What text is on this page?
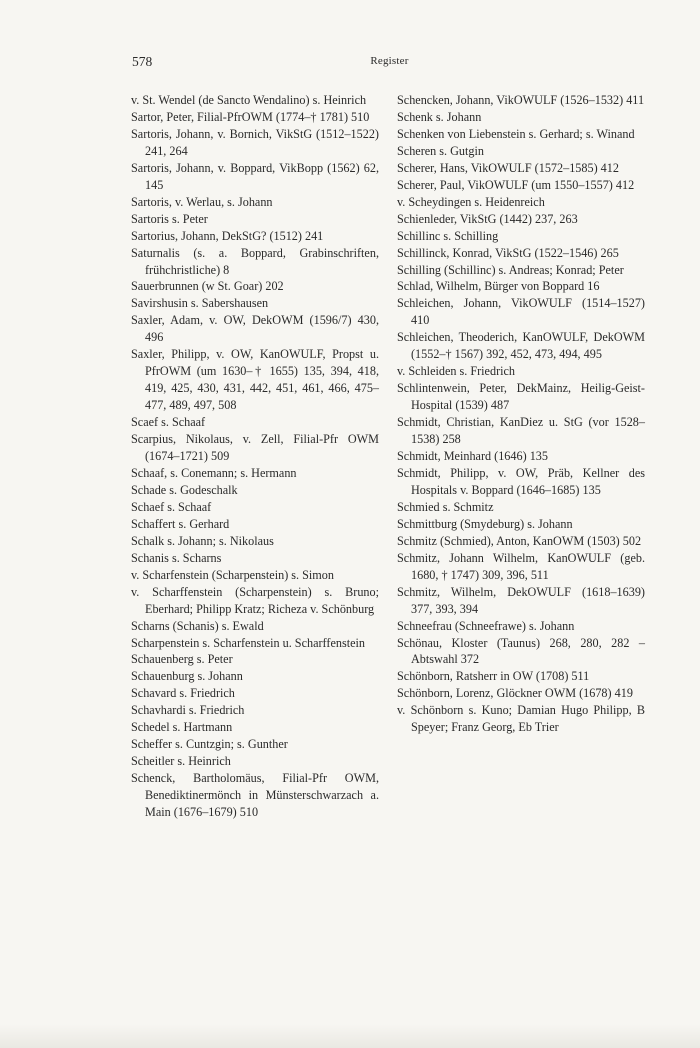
578	Register

v. St. Wendel (de Sancto Wendalino) s. Heinrich

Sartor, Peter, Filial-PfrOWM (1774–† 1781) 510

Sartoris, Johann, v. Bornich, VikStG (1512–1522) 241, 264

Sartoris, Johann, v. Boppard, VikBopp (1562) 62, 145

Sartoris, v. Werlau, s. Johann

Sartoris s. Peter

Sartorius, Johann, DekStG? (1512) 241

Saturnalis (s. a. Boppard, Grabinschriften, frühchristliche) 8

Sauerbrunnen (w St. Goar) 202

Savirshusin s. Sabershausen

Saxler, Adam, v. OW, DekOWM (1596/7) 430, 496

Saxler, Philipp, v. OW, KanOWULF, Propst u. PfrOWM (um 1630–† 1655) 135, 394, 418, 419, 425, 430, 431, 442, 451, 461, 466, 475–477, 489, 497, 508

Scaef s. Schaaf

Scarpius, Nikolaus, v. Zell, Filial-Pfr OWM (1674–1721) 509

Schaaf, s. Conemann; s. Hermann

Schade s. Godeschalk

Schaef s. Schaaf

Schaffert s. Gerhard

Schalk s. Johann; s. Nikolaus

Schanis s. Scharns

v. Scharfenstein (Scharpenstein) s. Simon

v. Scharffenstein (Scharpenstein) s. Bruno; Eberhard; Philipp Kratz; Richeza v. Schönburg

Scharns (Schanis) s. Ewald

Scharpenstein s. Scharfenstein u. Scharffenstein

Schauenberg s. Peter

Schauenburg s. Johann

Schavard s. Friedrich

Schavhardi s. Friedrich

Schedel s. Hartmann

Scheffer s. Cuntzgin; s. Gunther

Scheitler s. Heinrich

Schenck, Bartholomäus, Filial-Pfr OWM, Benediktinermönch in Münsterschwarzach a. Main (1676–1679) 510

Schencken, Johann, VikOWULF (1526–1532) 411

Schenk s. Johann

Schenken von Liebenstein s. Gerhard; s. Winand

Scheren s. Gutgin

Scherer, Hans, VikOWULF (1572–1585) 412

Scherer, Paul, VikOWULF (um 1550–1557) 412

v. Scheydingen s. Heidenreich

Schienleder, VikStG (1442) 237, 263

Schillinc s. Schilling

Schillinck, Konrad, VikStG (1522–1546) 265

Schilling (Schillinc) s. Andreas; Konrad; Peter

Schlad, Wilhelm, Bürger von Boppard 16

Schleichen, Johann, VikOWULF (1514–1527) 410

Schleichen, Theoderich, KanOWULF, DekOWM (1552–† 1567) 392, 452, 473, 494, 495

v. Schleiden s. Friedrich

Schlintenwein, Peter, DekMainz, Heilig-Geist-Hospital (1539) 487

Schmidt, Christian, KanDiez u. StG (vor 1528–1538) 258

Schmidt, Meinhard (1646) 135

Schmidt, Philipp, v. OW, Präb, Kellner des Hospitals v. Boppard (1646–1685) 135

Schmied s. Schmitz

Schmittburg (Smydeburg) s. Johann

Schmitz (Schmied), Anton, KanOWM (1503) 502

Schmitz, Johann Wilhelm, KanOWULF (geb. 1680, † 1747) 309, 396, 511

Schmitz, Wilhelm, DekOWULF (1618–1639) 377, 393, 394

Schneefrau (Schneefrawe) s. Johann

Schönau, Kloster (Taunus) 268, 280, 282 – Abtswahl 372

Schönborn, Ratsherr in OW (1708) 511

Schönborn, Lorenz, Glöckner OWM (1678) 419

v. Schönborn s. Kuno; Damian Hugo Philipp, B Speyer; Franz Georg, Eb Trier
